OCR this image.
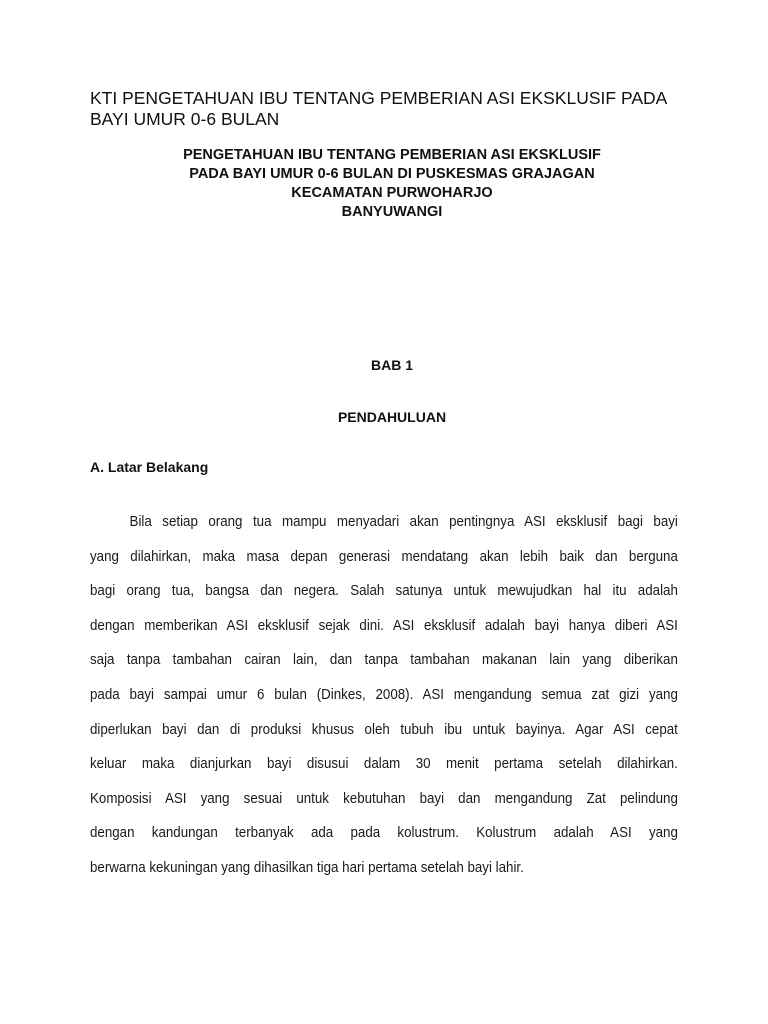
KTI PENGETAHUAN IBU TENTANG PEMBERIAN ASI EKSKLUSIF PADA BAYI UMUR 0-6 BULAN
PENGETAHUAN IBU TENTANG PEMBERIAN ASI EKSKLUSIF
PADA BAYI UMUR 0-6 BULAN DI PUSKESMAS GRAJAGAN
KECAMATAN PURWOHARJO
BANYUWANGI
BAB 1
PENDAHULUAN
A. Latar Belakang
Bila setiap orang tua mampu menyadari akan pentingnya ASI eksklusif bagi bayi
yang dilahirkan, maka masa depan generasi mendatang akan lebih baik dan berguna
bagi orang tua, bangsa dan negera. Salah satunya untuk mewujudkan hal itu adalah
dengan memberikan ASI eksklusif sejak dini. ASI eksklusif adalah bayi hanya diberi ASI
saja tanpa tambahan cairan lain, dan tanpa tambahan makanan lain yang diberikan
pada bayi sampai umur 6 bulan (Dinkes, 2008). ASI mengandung semua zat gizi yang
diperlukan bayi dan di produksi khusus oleh tubuh ibu untuk bayinya. Agar ASI cepat
keluar maka dianjurkan bayi disusui dalam 30 menit pertama setelah dilahirkan.
Komposisi ASI yang sesuai untuk kebutuhan bayi dan mengandung Zat pelindung
dengan kandungan terbanyak ada pada kolustrum. Kolustrum adalah ASI yang
berwarna kekuningan yang dihasilkan tiga hari pertama setelah bayi lahir.
